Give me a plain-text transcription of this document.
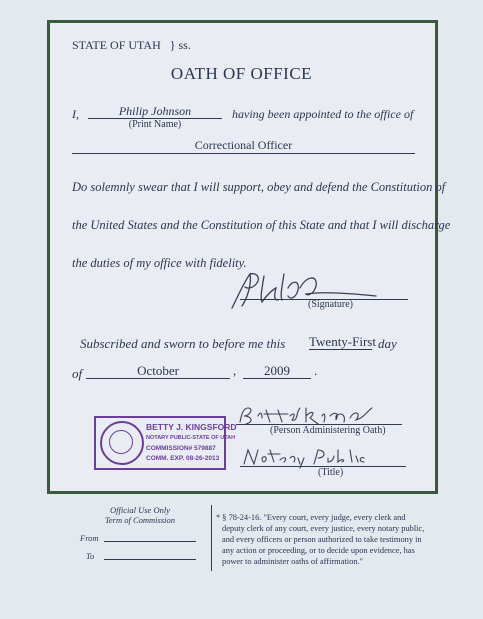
STATE OF UTAH } ss.
OATH OF OFFICE
I,	Philip Johnson
(Print Name)
having been appointed to the office of
Correctional Officer
Do solemnly swear that I will support, obey and defend the Constitution of
the United States and the Constitution of this State and that I will discharge
the duties of my office with fidelity.
(Signature)
Subscribed and sworn to before me this Twenty-First day
of	October	,	2009	.
BETTY J. KINGSFORD
NOTARY PUBLIC-STATE OF UTAH
COMMISSION# 579887
COMM. EXP. 08-26-2013
(Person Administering Oath)
(Title)
Official Use Only
Term of Commission
From
To
* § 78-24-16. "Every court, every judge, every clerk and
deputy clerk of any court, every justice, every notary public,
and every officers or person authorized to take testimony in
any action or proceeding, or to decide upon evidence, has
power to administer oaths of affirmation."
